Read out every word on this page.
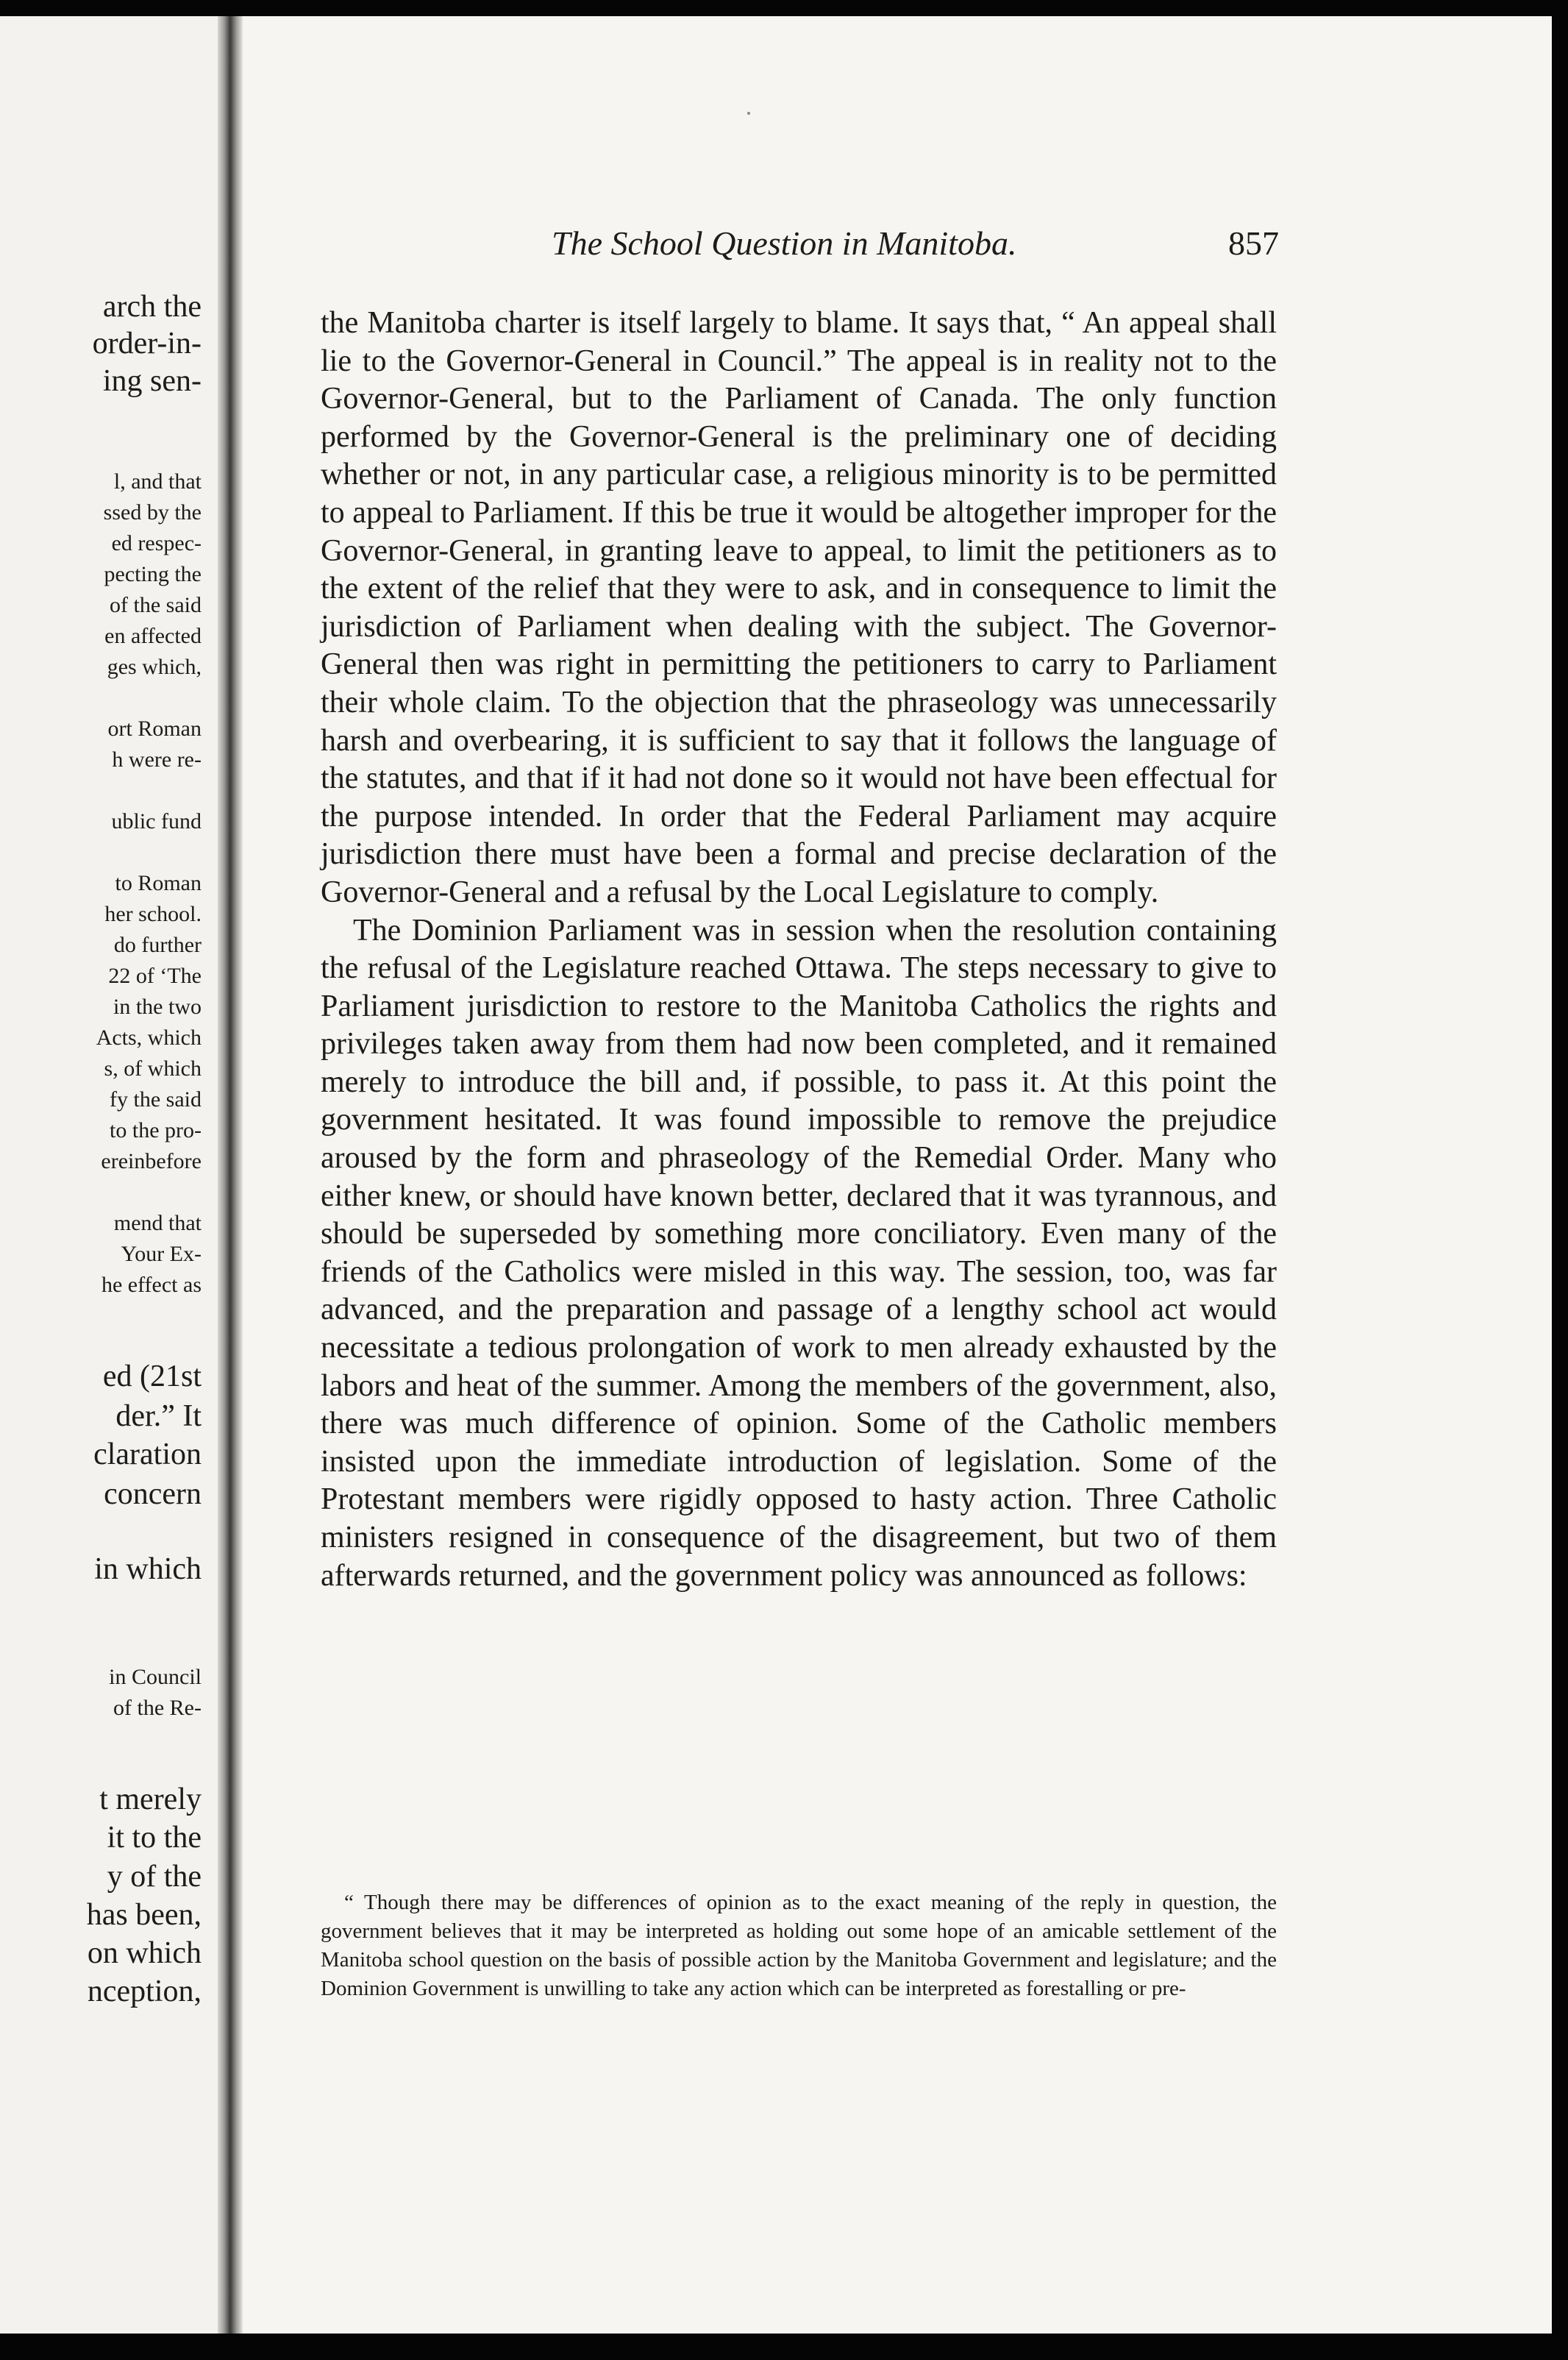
arch the
order-in-
ing sen-
l, and that
ssed by the
ed respec-
pecting the
of the said
en affected
ges which,
ort Roman
h were re-
ublic fund
to Roman
her school.
do further
22 of ‘The
in the two
Acts, which
s, of which
fy the said
to the pro-
ereinbefore
mend that
Your Ex-
he effect as
ed (21st
der.” It
claration
concern
in which
in Council
of the Re-
t merely
it to the
y of the
has been,
on which
nception,
The School Question in Manitoba.	857

the Manitoba charter is itself largely to blame. It says that, “ An appeal shall lie to the Governor-General in Council.” The appeal is in reality not to the Governor-General, but to the Parliament of Canada. The only function performed by the Governor-General is the preliminary one of deciding whether or not, in any particular case, a religious minority is to be permitted to appeal to Parliament. If this be true it would be altogether improper for the Governor-General, in granting leave to appeal, to limit the petitioners as to the extent of the relief that they were to ask, and in consequence to limit the jurisdiction of Parliament when dealing with the subject. The Governor-General then was right in permitting the petitioners to carry to Parliament their whole claim. To the objection that the phraseology was unnecessarily harsh and overbearing, it is sufficient to say that it follows the language of the statutes, and that if it had not done so it would not have been effectual for the purpose intended. In order that the Federal Parliament may acquire jurisdiction there must have been a formal and precise declaration of the Governor-General and a refusal by the Local Legislature to comply.

The Dominion Parliament was in session when the resolution containing the refusal of the Legislature reached Ottawa. The steps necessary to give to Parliament jurisdiction to restore to the Manitoba Catholics the rights and privileges taken away from them had now been completed, and it remained merely to introduce the bill and, if possible, to pass it. At this point the government hesitated. It was found impossible to remove the prejudice aroused by the form and phraseology of the Remedial Order. Many who either knew, or should have known better, declared that it was tyrannous, and should be superseded by something more conciliatory. Even many of the friends of the Catholics were misled in this way. The session, too, was far advanced, and the preparation and passage of a lengthy school act would necessitate a tedious prolongation of work to men already exhausted by the labors and heat of the summer. Among the members of the government, also, there was much difference of opinion. Some of the Catholic members insisted upon the immediate introduction of legislation. Some of the Protestant members were rigidly opposed to hasty action. Three Catholic ministers resigned in consequence of the disagreement, but two of them afterwards returned, and the government policy was announced as follows:

“ Though there may be differences of opinion as to the exact meaning of the reply in question, the government believes that it may be interpreted as holding out some hope of an amicable settlement of the Manitoba school question on the basis of possible action by the Manitoba Government and legislature; and the Dominion Government is unwilling to take any action which can be interpreted as forestalling or pre-
